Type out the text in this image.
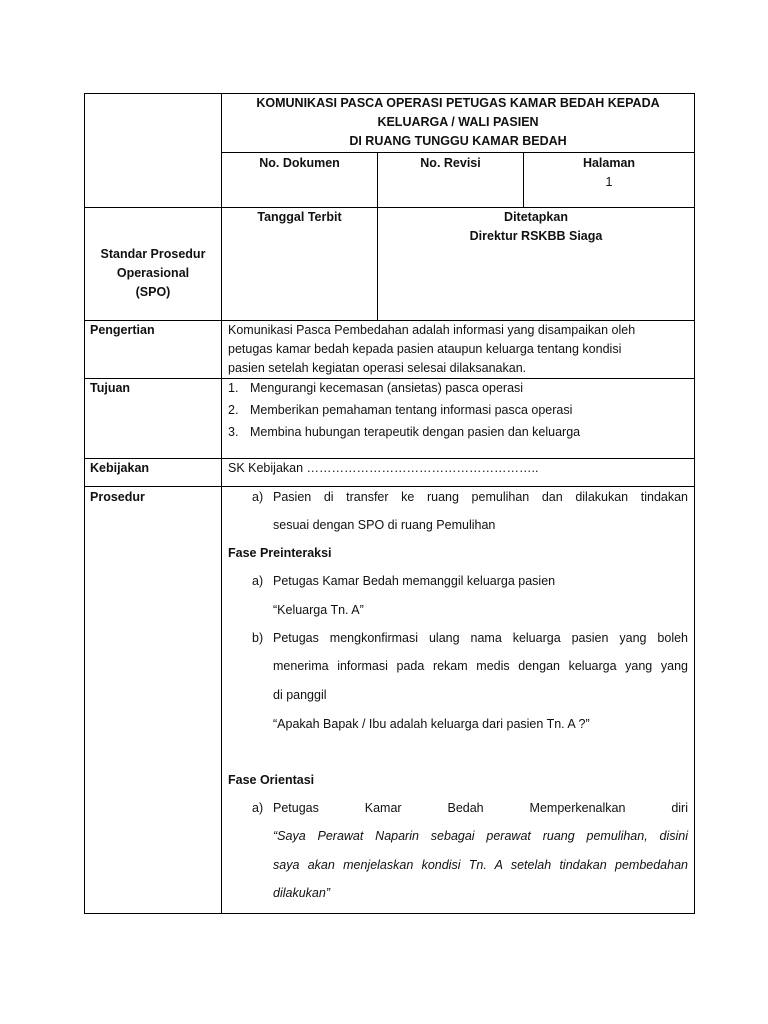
KOMUNIKASI PASCA OPERASI PETUGAS KAMAR BEDAH KEPADA
KELUARGA / WALI PASIEN
DI RUANG TUNGGU KAMAR BEDAH
No. Dokumen	No. Revisi	Halaman
1
Standar Prosedur
Operasional
(SPO)
Tanggal Terbit	Ditetapkan
Direktur RSKBB Siaga
Pengertian	Komunikasi Pasca Pembedahan adalah informasi yang disampaikan oleh
petugas kamar bedah kepada pasien ataupun keluarga tentang kondisi
pasien setelah kegiatan operasi selesai dilaksanakan.
Tujuan	1. Mengurangi kecemasan (ansietas) pasca operasi
2. Memberikan pemahaman tentang informasi pasca operasi
3. Membina hubungan terapeutik dengan pasien dan keluarga
Kebijakan	SK Kebijakan ………………………………………………..
Prosedur	a) Pasien di transfer ke ruang pemulihan dan dilakukan tindakan
sesuai dengan SPO di ruang Pemulihan
Fase Preinteraksi
a) Petugas Kamar Bedah memanggil keluarga pasien
“Keluarga Tn. A”
b) Petugas mengkonfirmasi ulang nama keluarga pasien yang boleh
menerima informasi pada rekam medis dengan keluarga yang yang
di panggil
“Apakah Bapak / Ibu adalah keluarga dari pasien Tn. A ?”
Fase Orientasi
a) Petugas Kamar Bedah Memperkenalkan diri
“Saya Perawat Naparin sebagai perawat ruang pemulihan, disini
saya akan menjelaskan kondisi Tn. A setelah tindakan pembedahan
dilakukan”
